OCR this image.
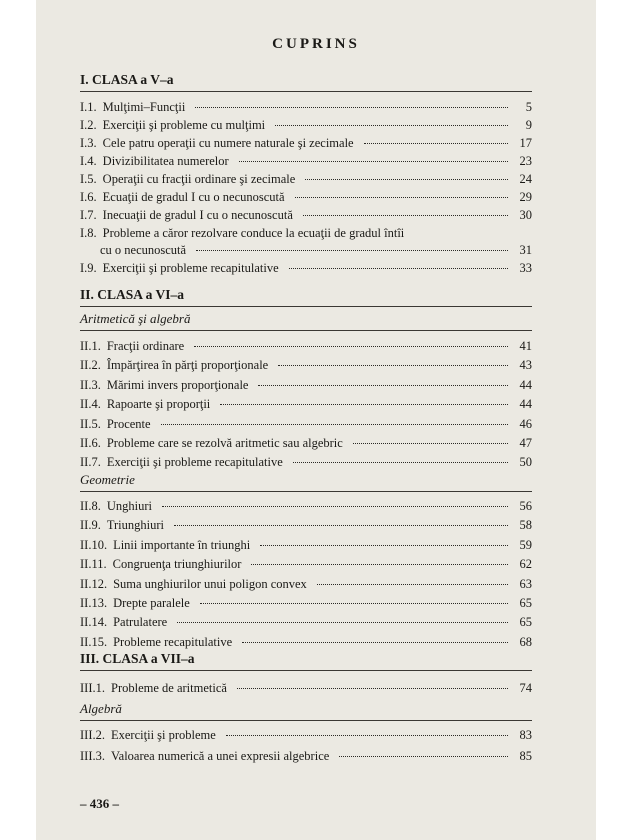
CUPRINS
I. CLASA a V–a
I.1. Mulţimi–Funcţii	5
I.2. Exerciţii şi probleme cu mulţimi	9
I.3. Cele patru operaţii cu numere naturale şi zecimale	17
I.4. Divizibilitatea numerelor	23
I.5. Operaţii cu fracţii ordinare şi zecimale	24
I.6. Ecuaţii de gradul I cu o necunoscută	29
I.7. Inecuaţii de gradul I cu o necunoscută	30
I.8. Probleme a căror rezolvare conduce la ecuaţii de gradul întîi
cu o necunoscută	31
I.9. Exerciţii şi probleme recapitulative	33
II. CLASA a VI–a
Aritmetică şi algebră
II.1. Fracţii ordinare	41
II.2. Împărţirea în părţi proporţionale	43
II.3. Mărimi invers proporţionale	44
II.4. Rapoarte şi proporţii	44
II.5. Procente	46
II.6. Probleme care se rezolvă aritmetic sau algebric	47
II.7. Exerciţii şi probleme recapitulative	50
Geometrie
II.8. Unghiuri	56
II.9. Triunghiuri	58
II.10. Linii importante în triunghi	59
II.11. Congruenţa triunghiurilor	62
II.12. Suma unghiurilor unui poligon convex	63
II.13. Drepte paralele	65
II.14. Patrulatere	65
II.15. Probleme recapitulative	68
III. CLASA a VII–a
III.1. Probleme de aritmetică	74
Algebră
III.2. Exerciţii şi probleme	83
III.3. Valoarea numerică a unei expresii algebrice	85
– 436 –
